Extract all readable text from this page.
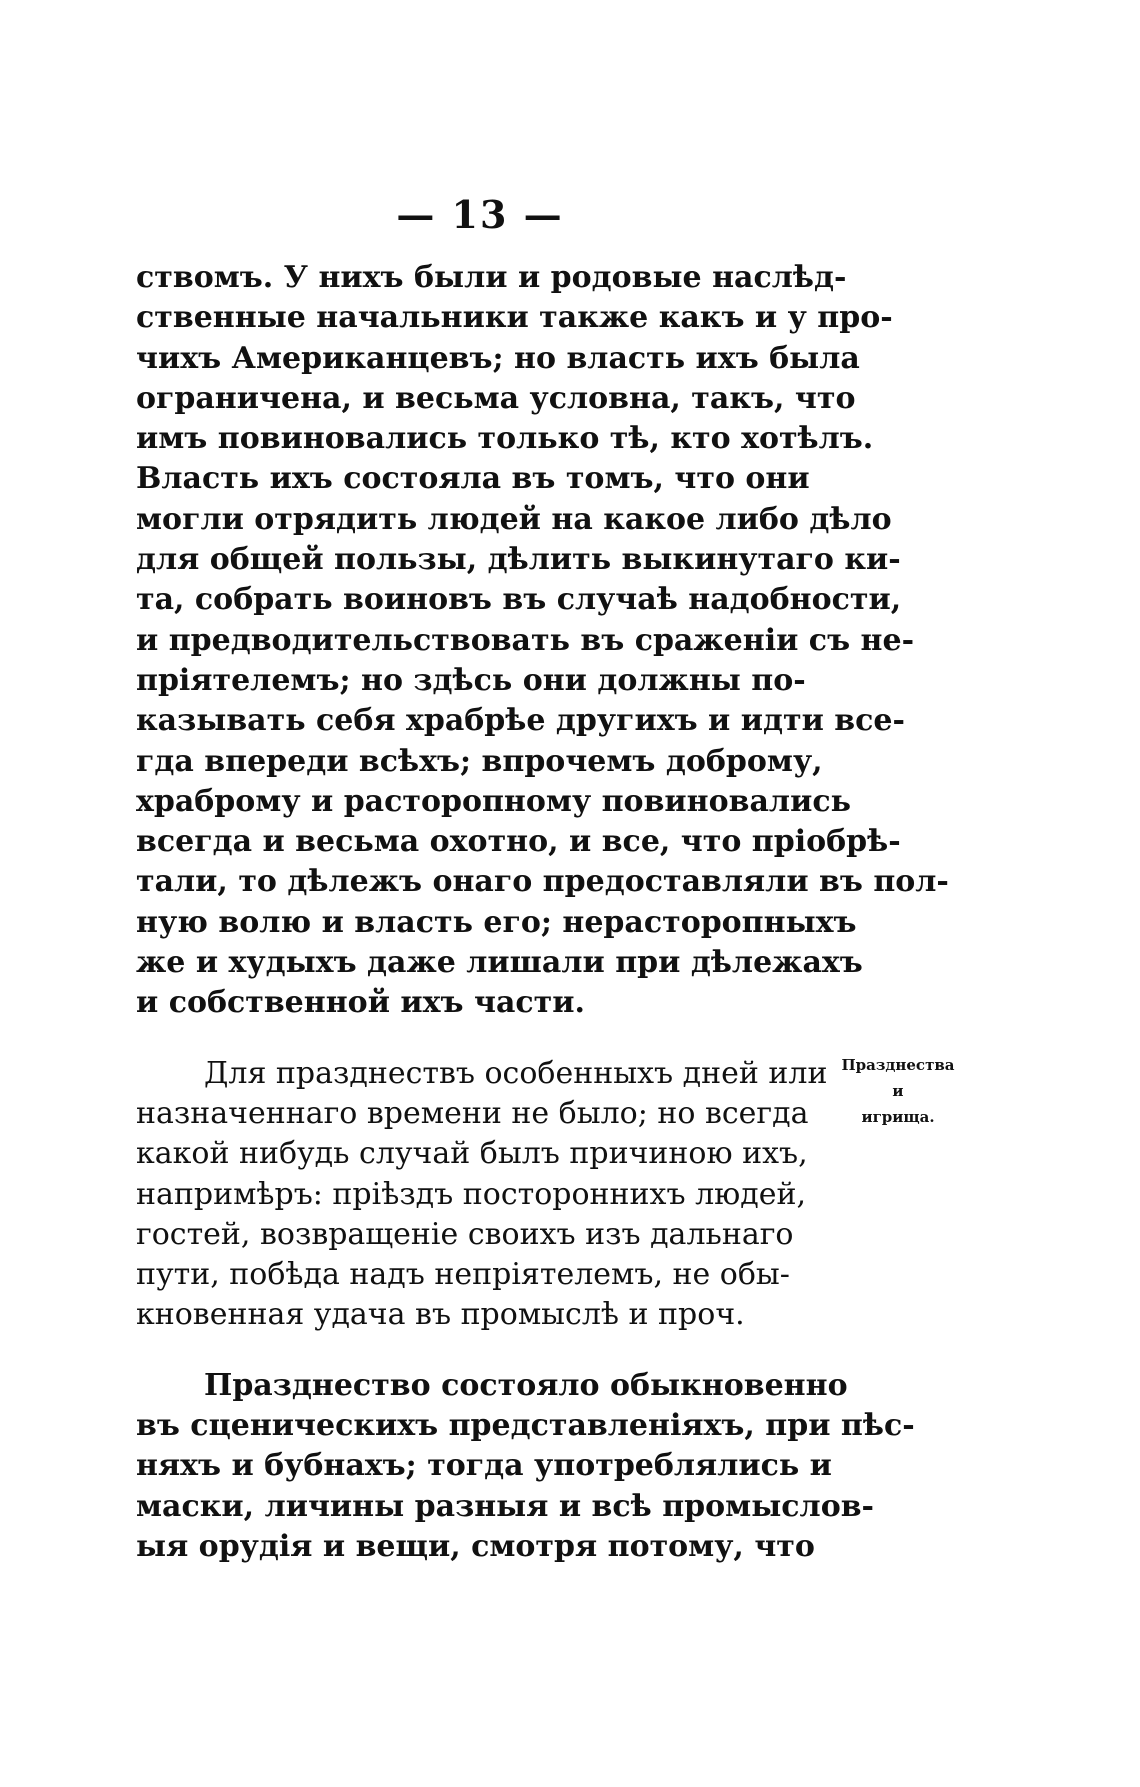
— 13 —
ствомъ. У нихъ были и родовые наслѣд-
ственные начальники также какъ и у про-
чихъ Американцевъ; но власть ихъ была
ограничена, и весьма условна, такъ, что
имъ повиновались только тѣ, кто хотѣлъ.
Власть ихъ состояла въ томъ, что они
могли отрядить людей на какое либо дѣло
для общей пользы, дѣлить выкинутаго ки-
та, собрать воиновъ въ случаѣ надобности,
и предводительствовать въ сраженіи съ не-
пріятелемъ; но здѣсь они должны по-
казывать себя храбрѣе другихъ и идти все-
гда впереди всѣхъ; впрочемъ доброму,
храброму и расторопному повиновались
всегда и весьма охотно, и все, что пріобрѣ-
тали, то дѣлежъ онаго предоставляли въ пол-
ную волю и власть его; нерасторопныхъ
же и худыхъ даже лишали при дѣлежахъ
и собственной ихъ части.
Для празднествъ особенныхъ дней или
назначеннаго времени не было; но всегда
какой нибудь случай былъ причиною ихъ,
напримѣръ: пріѣздъ постороннихъ людей,
гостей, возвращеніе своихъ изъ дальнаго
пути, побѣда надъ непріятелемъ, не обы-
кновенная удача въ промыслѣ и проч.
Празднество состояло обыкновенно
въ сценическихъ представленіяхъ, при пѣс-
няхъ и бубнахъ; тогда употреблялись и
маски, личины разныя и всѣ промыслов-
ыя орудія и вещи, смотря потому, что
Празднества
и
игрища.
